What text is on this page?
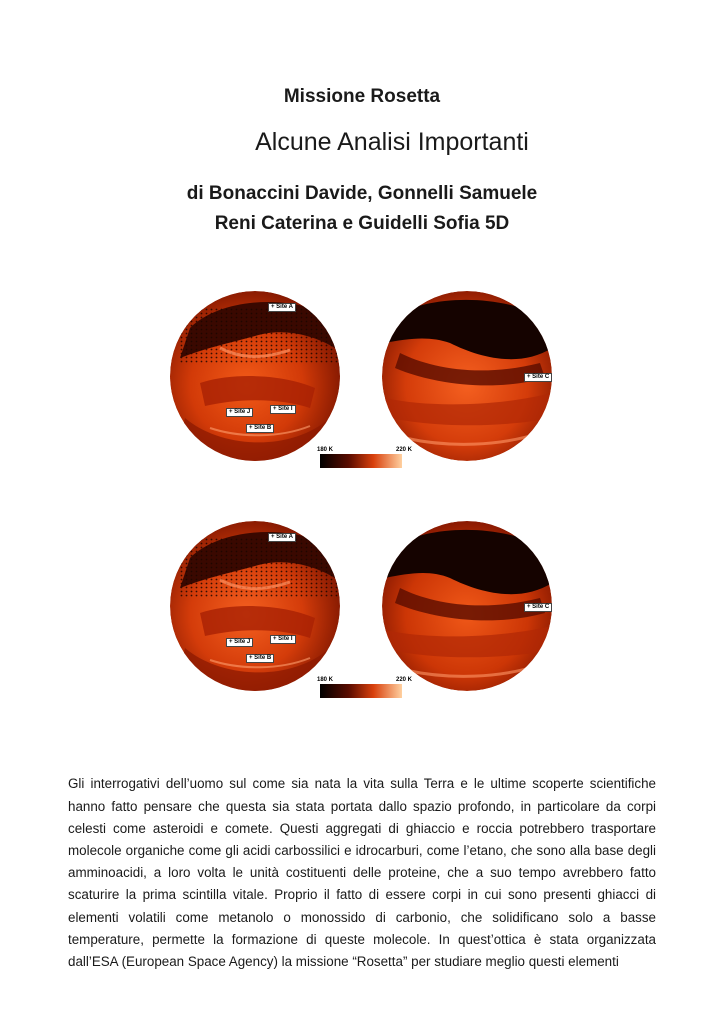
Missione Rosetta
Alcune Analisi Importanti
di Bonaccini Davide, Gonnelli Samuele
Reni Caterina e Guidelli Sofia 5D
+ Site A
+ Site J	+ Site I
+ Site B
+ Site C
180 K	220 K
+ Site A
+ Site J	+ Site I
+ Site B
+ Site C
180 K	220 K

Gli interrogativi dell’uomo sul come sia nata la vita sulla Terra e le ultime scoperte scientifiche hanno fatto pensare che questa sia stata portata dallo spazio profondo, in particolare da corpi celesti come asteroidi e comete. Questi aggregati di ghiaccio e roccia potrebbero trasportare molecole organiche come gli acidi carbossilici e idrocarburi, come l’etano, che sono alla base degli amminoacidi, a loro volta le unità costituenti delle proteine, che a suo tempo avrebbero fatto scaturire la prima scintilla vitale. Proprio il fatto di essere corpi in cui sono presenti ghiacci di elementi volatili come metanolo o monossido di carbonio, che solidificano solo a basse temperature, permette la formazione di queste molecole. In quest’ottica è stata organizzata dall’ESA (European Space Agency) la missione “Rosetta” per studiare meglio questi elementi
